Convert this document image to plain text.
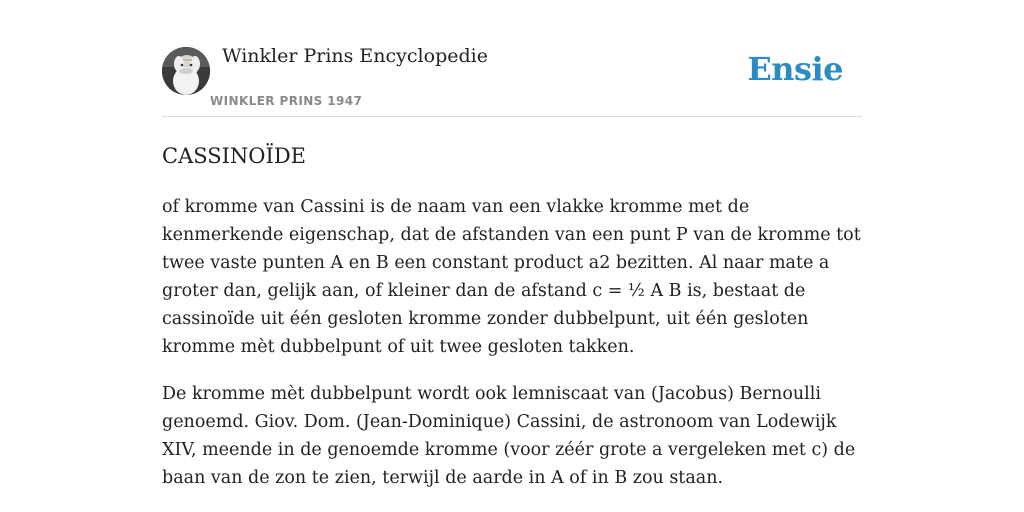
Winkler Prins Encyclopedie
WINKLER PRINS 1947
Ensie
CASSINOÏDE

of kromme van Cassini is de naam van een vlakke kromme met de kenmerkende eigenschap, dat de afstanden van een punt P van de kromme tot twee vaste punten A en B een constant product a2 bezitten. Al naar mate a groter dan, gelijk aan, of kleiner dan de afstand c = ½ A B is, bestaat de cassinoïde uit één gesloten kromme zonder dubbelpunt, uit één gesloten kromme mèt dubbelpunt of uit twee gesloten takken.

De kromme mèt dubbelpunt wordt ook lemniscaat van (Jacobus) Bernoulli genoemd. Giov. Dom. (Jean-Dominique) Cassini, de astronoom van Lodewijk XIV, meende in de genoemde kromme (voor zéér grote a vergeleken met c) de baan van de zon te zien, terwijl de aarde in A of in B zou staan.
